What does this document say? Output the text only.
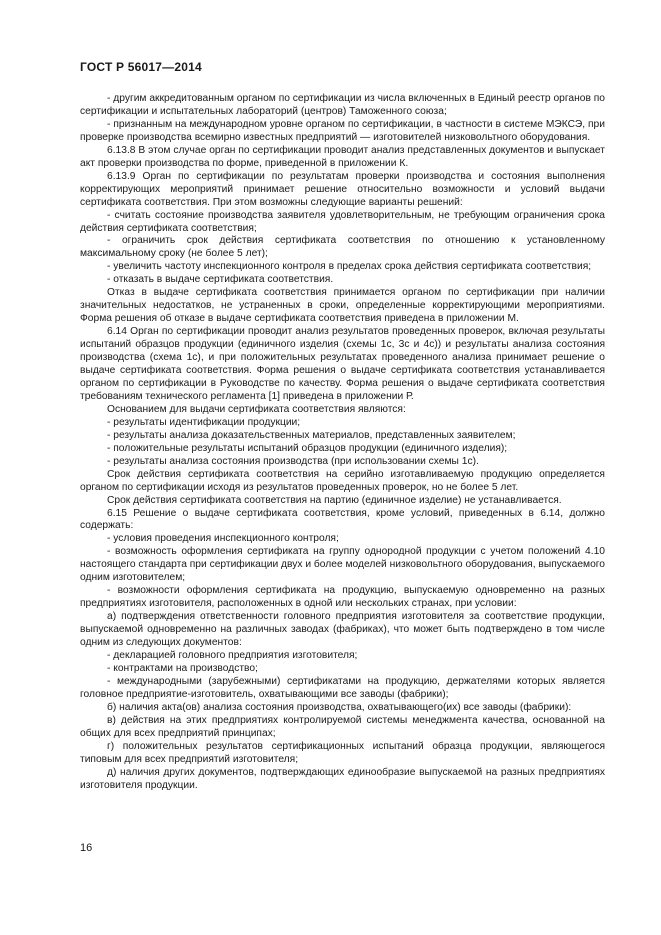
ГОСТ Р 56017—2014

- другим аккредитованным органом по сертификации из числа включенных в Единый реестр органов по сертификации и испытательных лабораторий (центров) Таможенного союза;

- признанным на международном уровне органом по сертификации, в частности в системе МЭКСЭ, при проверке производства всемирно известных предприятий — изготовителей низковольтного оборудования.

6.13.8 В этом случае орган по сертификации проводит анализ представленных документов и выпускает акт проверки производства по форме, приведенной в приложении К.

6.13.9 Орган по сертификации по результатам проверки производства и состояния выполнения корректирующих мероприятий принимает решение относительно возможности и условий выдачи сертификата соответствия. При этом возможны следующие варианты решений:

- считать состояние производства заявителя удовлетворительным, не требующим ограничения срока действия сертификата соответствия;

- ограничить срок действия сертификата соответствия по отношению к установленному максимальному сроку (не более 5 лет);

- увеличить частоту инспекционного контроля в пределах срока действия сертификата соответствия;

- отказать в выдаче сертификата соответствия.

Отказ в выдаче сертификата соответствия принимается органом по сертификации при наличии значительных недостатков, не устраненных в сроки, определенные корректирующими мероприятиями. Форма решения об отказе в выдаче сертификата соответствия приведена в приложении М.

6.14 Орган по сертификации проводит анализ результатов проведенных проверок, включая результаты испытаний образцов продукции (единичного изделия (схемы 1с, 3с и 4с)) и результаты анализа состояния производства (схема 1с), и при положительных результатах проведенного анализа принимает решение о выдаче сертификата соответствия. Форма решения о выдаче сертификата соответствия устанавливается органом по сертификации в Руководстве по качеству. Форма решения о выдаче сертификата соответствия требованиям технического регламента [1] приведена в приложении Р.

Основанием для выдачи сертификата соответствия являются:

- результаты идентификации продукции;

- результаты анализа доказательственных материалов, представленных заявителем;

- положительные результаты испытаний образцов продукции (единичного изделия);

- результаты анализа состояния производства (при использовании схемы 1с).

Срок действия сертификата соответствия на серийно изготавливаемую продукцию определяется органом по сертификации исходя из результатов проведенных проверок, но не более 5 лет.

Срок действия сертификата соответствия на партию (единичное изделие) не устанавливается.

6.15 Решение о выдаче сертификата соответствия, кроме условий, приведенных в 6.14, должно содержать:

- условия проведения инспекционного контроля;

- возможность оформления сертификата на группу однородной продукции с учетом положений 4.10 настоящего стандарта при сертификации двух и более моделей низковольтного оборудования, выпускаемого одним изготовителем;

- возможности оформления сертификата на продукцию, выпускаемую одновременно на разных предприятиях изготовителя, расположенных в одной или нескольких странах, при условии:

а) подтверждения ответственности головного предприятия изготовителя за соответствие продукции, выпускаемой одновременно на различных заводах (фабриках), что может быть подтверждено в том числе одним из следующих документов:

- декларацией головного предприятия изготовителя;

- контрактами на производство;

- международными (зарубежными) сертификатами на продукцию, держателями которых является головное предприятие-изготовитель, охватывающими все заводы (фабрики);

б) наличия акта(ов) анализа состояния производства, охватывающего(их) все заводы (фабрики):

в) действия на этих предприятиях контролируемой системы менеджмента качества, основанной на общих для всех предприятий принципах;

г) положительных результатов сертификационных испытаний образца продукции, являющегося типовым для всех предприятий изготовителя;

д) наличия других документов, подтверждающих единообразие выпускаемой на разных предприятиях изготовителя продукции.

16
